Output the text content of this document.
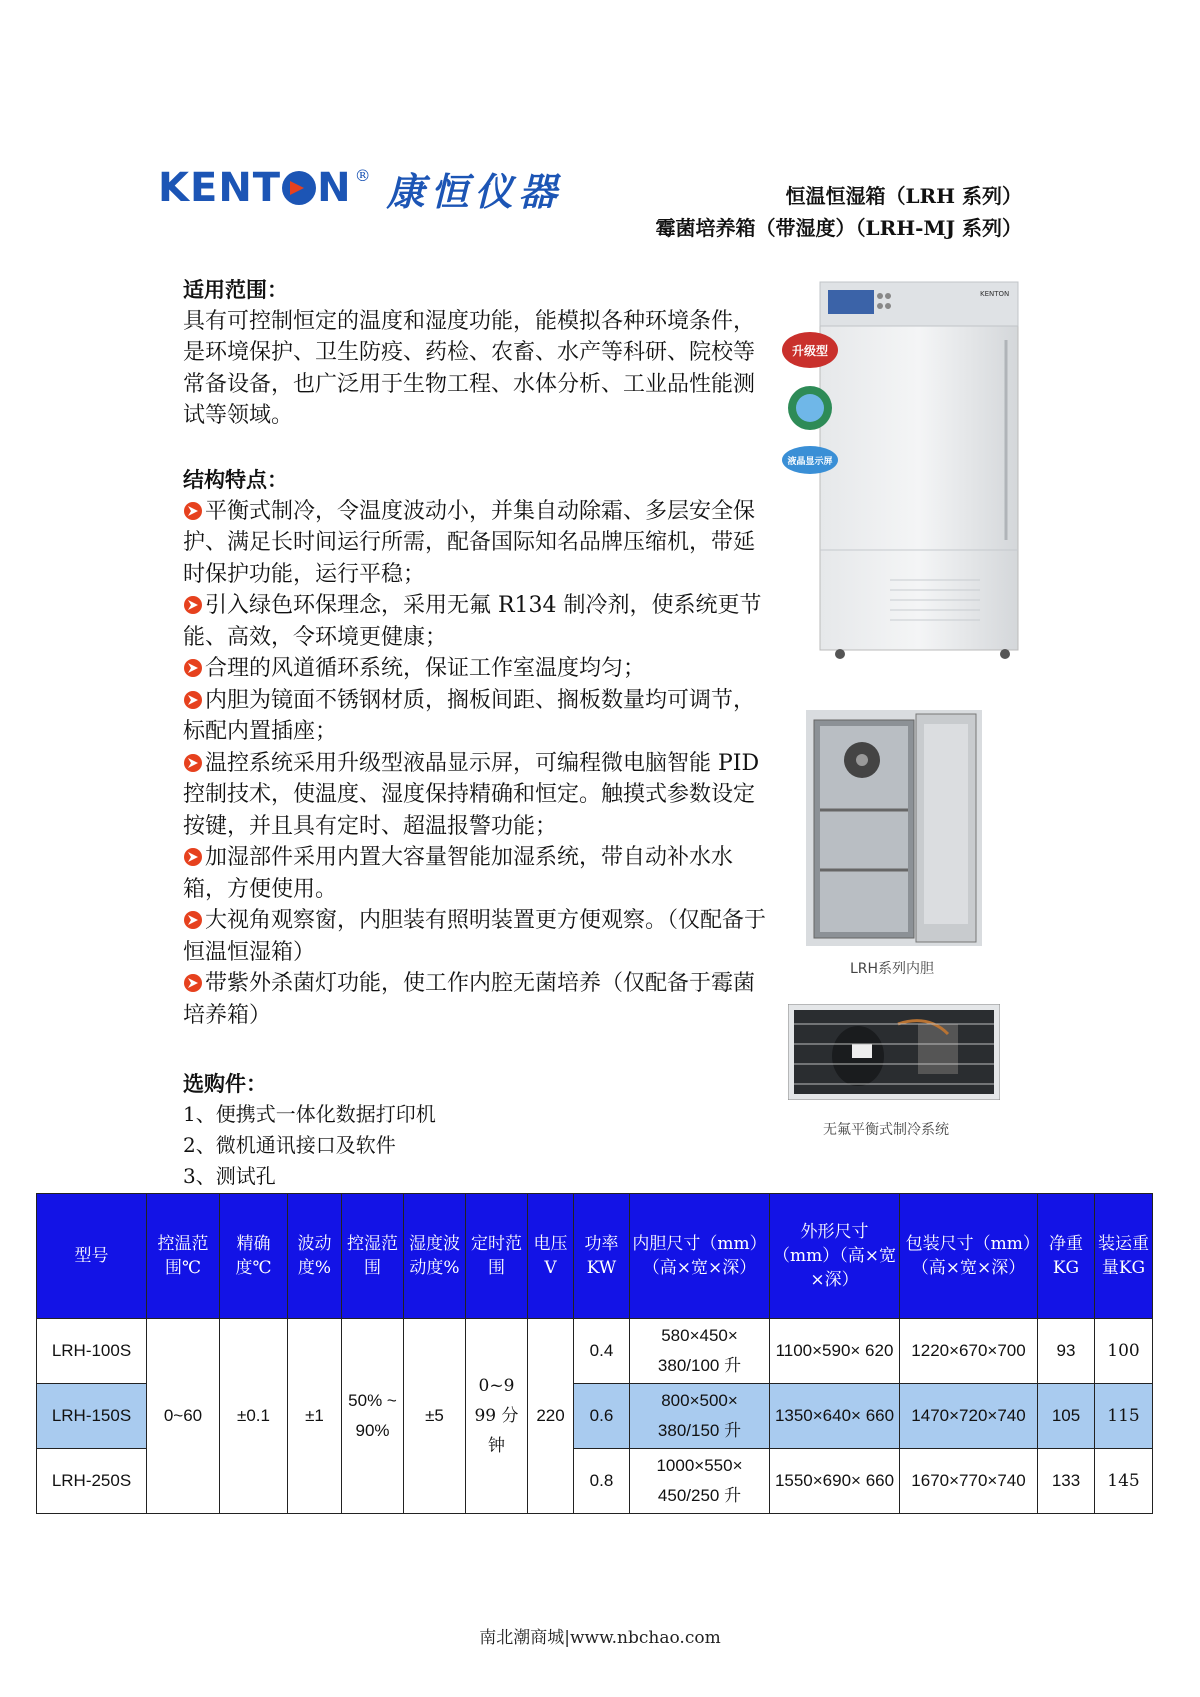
KENT N ® 康恒仪器	恒温恒湿箱（LRH 系列）
霉菌培养箱（带湿度）（LRH-MJ 系列）

适用范围：

具有可控制恒定的温度和湿度功能，能模拟各种环境条件，是环境保护、卫生防疫、药检、农畜、水产等科研、院校等常备设备，也广泛用于生物工程、水体分析、工业品性能测试等领域。

结构特点：

平衡式制冷，令温度波动小，并集自动除霜、多层安全保护、满足长时间运行所需，配备国际知名品牌压缩机，带延时保护功能，运行平稳；

引入绿色环保理念，采用无氟 R134 制冷剂，使系统更节能、高效，令环境更健康；

合理的风道循环系统，保证工作室温度均匀；

内胆为镜面不锈钢材质，搁板间距、搁板数量均可调节，标配内置插座；

温控系统采用升级型液晶显示屏，可编程微电脑智能 PID 控制技术，使温度、湿度保持精确和恒定。触摸式参数设定按键，并且具有定时、超温报警功能；

加湿部件采用内置大容量智能加湿系统，带自动补水水箱，方便使用。

大视角观察窗，内胆装有照明装置更方便观察。（仅配备于恒温恒湿箱）

带紫外杀菌灯功能，使工作内腔无菌培养（仅配备于霉菌培养箱）

选购件：

1、便携式一体化数据打印机

2、微机通讯接口及软件

3、测试孔

KENTON
升级型
液晶显示屏
LRH系列内胆
无氟平衡式制冷系统
型号	控温范围℃	精确度℃	波动度%	控湿范围	湿度波动度%	定时范围	电压V	功率KW	内胆尺寸（mm）（高×宽×深）	外形尺寸（mm）（高×宽×深）	包装尺寸（mm）（高×宽×深）	净重KG	装运重量KG
LRH-100S	0~60	±0.1	±1	50% ~ 90%	±5	0~9 99 分钟	220	0.4	580×450× 380/100 升	1100×590× 620	1220×670×700	93	100
LRH-150S								0.6	800×500× 380/150 升	1350×640× 660	1470×720×740	105	115
LRH-250S								0.8	1000×550× 450/250 升	1550×690× 660	1670×770×740	133	145
南北潮商城|www.nbchao.com
